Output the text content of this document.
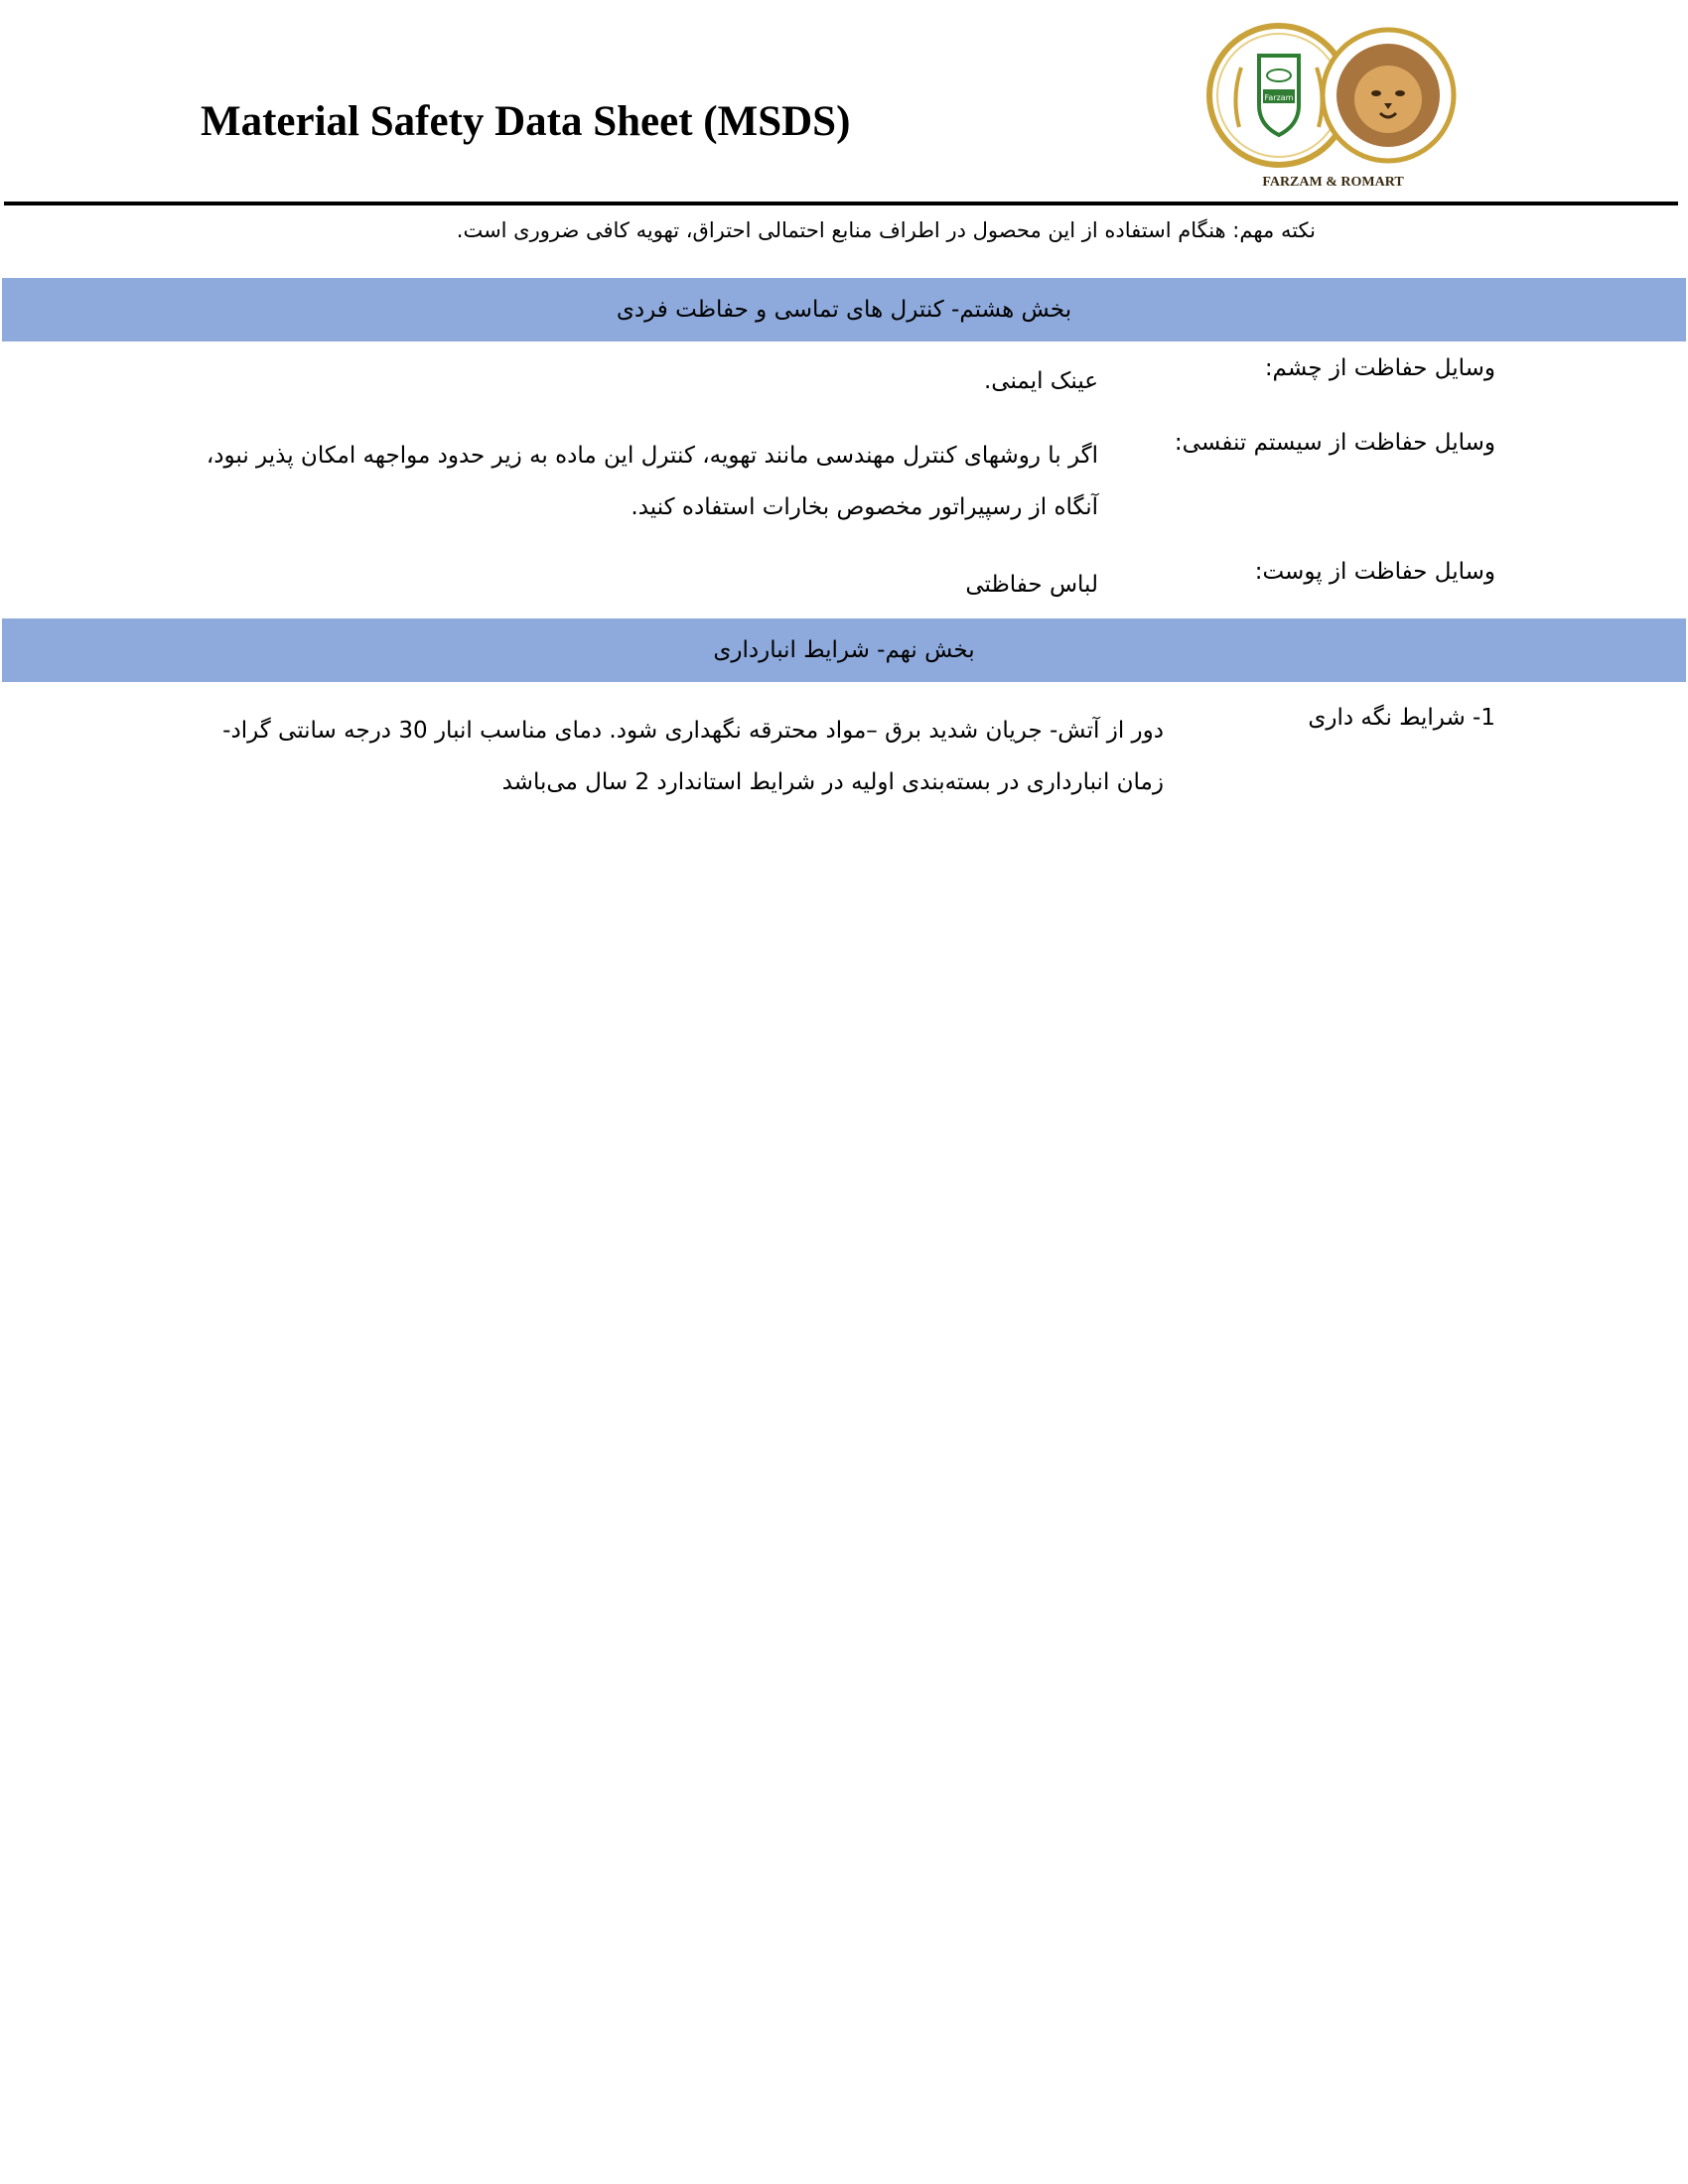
Material Safety Data Sheet (MSDS)
Farzam
FARZAM & ROMART
نکته مهم: هنگام استفاده از این محصول در اطراف منابع احتمالی احتراق، تهویه کافی ضروری است.
بخش هشتم- کنترل های تماسی و حفاظت فردی
وسایل حفاظت از چشم:
عینک ایمنی.
وسایل حفاظت از سیستم تنفسی:
اگر با روشهای کنترل مهندسی مانند تهویه، کنترل این ماده به زیر حدود مواجهه امکان پذیر نبود، آنگاه از رسپیراتور مخصوص بخارات استفاده کنید.
وسایل حفاظت از پوست:
لباس حفاظتی
بخش نهم- شرایط انبارداری
1- شرایط نگه داری
دور از آتش- جریان شدید برق –مواد محترقه نگهداری شود. دمای مناسب انبار 30 درجه سانتی گراد- زمان انبارداری در بسته‌بندی اولیه در شرایط استاندارد 2 سال می‌باشد
